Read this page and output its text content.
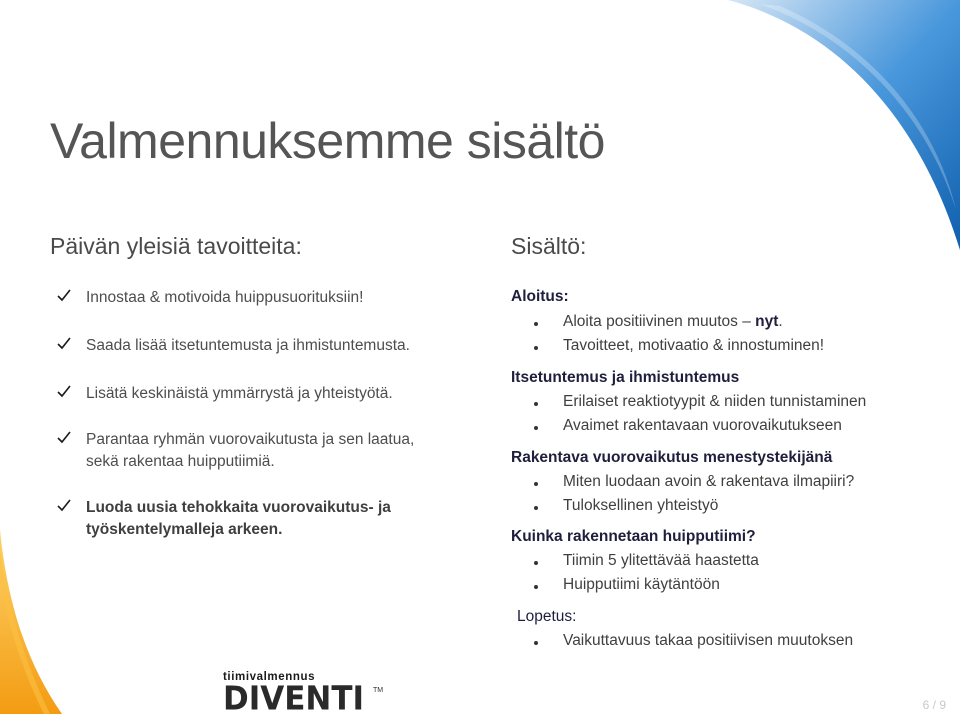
Valmennuksemme sisältö
Päivän yleisiä tavoitteita:	Sisältö:
Innostaa & motivoida huippusuorituksiin!
Saada lisää itsetuntemusta ja ihmistuntemusta.
Lisätä keskinäistä ymmärrystä ja yhteistyötä.
Parantaa ryhmän vuorovaikutusta ja sen laatua,
sekä rakentaa huipputiimiä.
Luoda uusia tehokkaita vuorovaikutus- ja
työskentelymalleja arkeen.
Aloitus:
Aloita positiivinen muutos – nyt.
Tavoitteet, motivaatio & innostuminen!
Itsetuntemus ja ihmistuntemus
Erilaiset reaktiotyypit & niiden tunnistaminen
Avaimet rakentavaan vuorovaikutukseen
Rakentava vuorovaikutus menestystekijänä
Miten luodaan avoin & rakentava ilmapiiri?
Tuloksellinen yhteistyö
Kuinka rakennetaan huipputiimi?
Tiimin 5 ylitettävää haastetta
Huipputiimi käytäntöön
Lopetus:
Vaikuttavuus takaa positiivisen muutoksen
tiimivalmennus
DIVENTI TM
6 / 9
